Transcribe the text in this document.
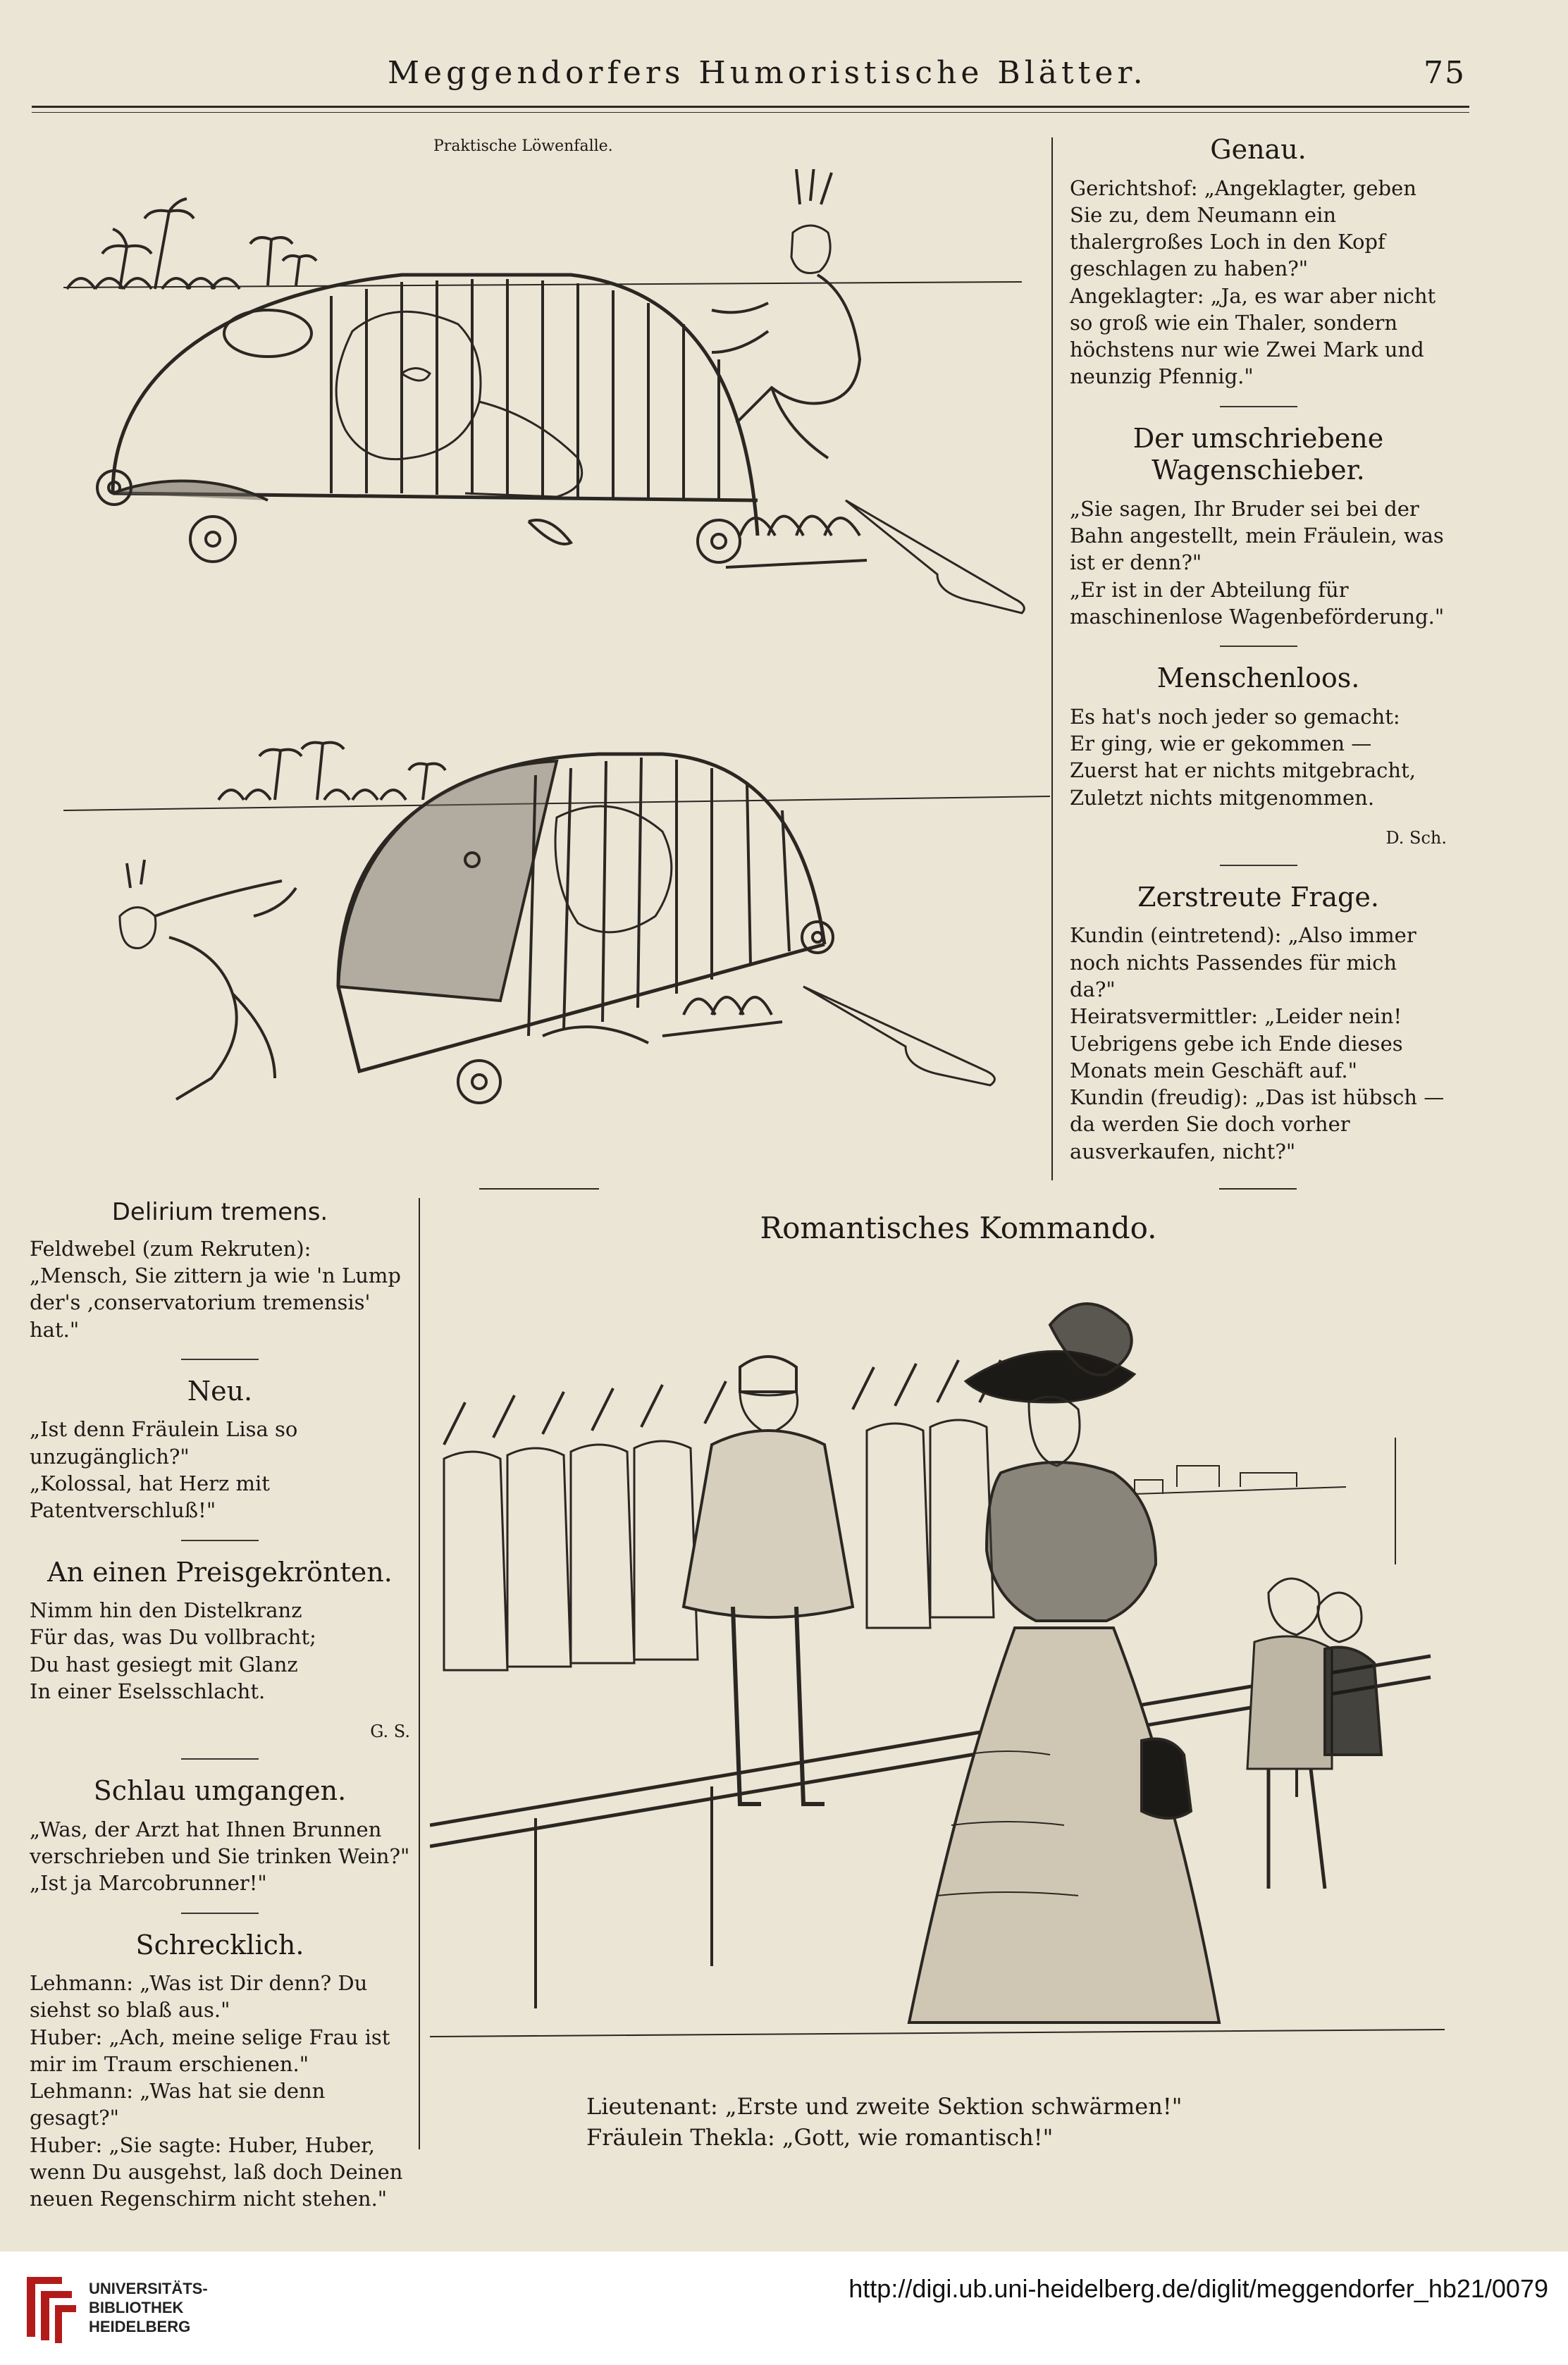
Meggendorfers Humoristische Blätter.	75
Praktische Löwenfalle.	Genau.

Gerichtshof: „Angeklagter, geben Sie zu, dem Neumann ein thalergroßes Loch in den Kopf geschlagen zu haben?"

Angeklagter: „Ja, es war aber nicht so groß wie ein Thaler, sondern höchstens nur wie Zwei Mark und neunzig Pfennig."

Der umschriebene Wagenschieber.

„Sie sagen, Ihr Bruder sei bei der Bahn angestellt, mein Fräulein, was ist er denn?"

„Er ist in der Abteilung für maschinenlose Wagenbeförderung."

Menschenloos.

Es hat's noch jeder so gemacht:

Er ging, wie er gekommen —

Zuerst hat er nichts mitgebracht,

Zuletzt nichts mitgenommen.

D. Sch.

Zerstreute Frage.

Kundin (eintretend): „Also immer noch nichts Passendes für mich da?"

Heiratsvermittler: „Leider nein! Uebrigens gebe ich Ende dieses Monats mein Geschäft auf."

Kundin (freudig): „Das ist hübsch — da werden Sie doch vorher ausverkaufen, nicht?"

Delirium tremens.

Feldwebel (zum Rekruten): „Mensch, Sie zittern ja wie 'n Lump der's ‚conservatorium tremensis' hat."

Neu.

„Ist denn Fräulein Lisa so unzugänglich?"

„Kolossal, hat Herz mit Patentverschluß!"

An einen Preisgekrönten.

Nimm hin den Distelkranz

Für das, was Du vollbracht;

Du hast gesiegt mit Glanz

In einer Eselsschlacht.

G. S.

Schlau umgangen.

„Was, der Arzt hat Ihnen Brunnen verschrieben und Sie trinken Wein?"

„Ist ja Marcobrunner!"

Schrecklich.

Lehmann: „Was ist Dir denn? Du siehst so blaß aus."

Huber: „Ach, meine selige Frau ist mir im Traum erschienen."

Lehmann: „Was hat sie denn gesagt?"

Huber: „Sie sagte: Huber, Huber, wenn Du ausgehst, laß doch Deinen neuen Regenschirm nicht stehen."

Romantisches Kommando.
Lieutenant: „Erste und zweite Sektion schwärmen!"
Fräulein Thekla: „Gott, wie romantisch!"
UNIVERSITÄTS-
BIBLIOTHEK
HEIDELBERG
http://digi.ub.uni-heidelberg.de/diglit/meggendorfer_hb21/0079
